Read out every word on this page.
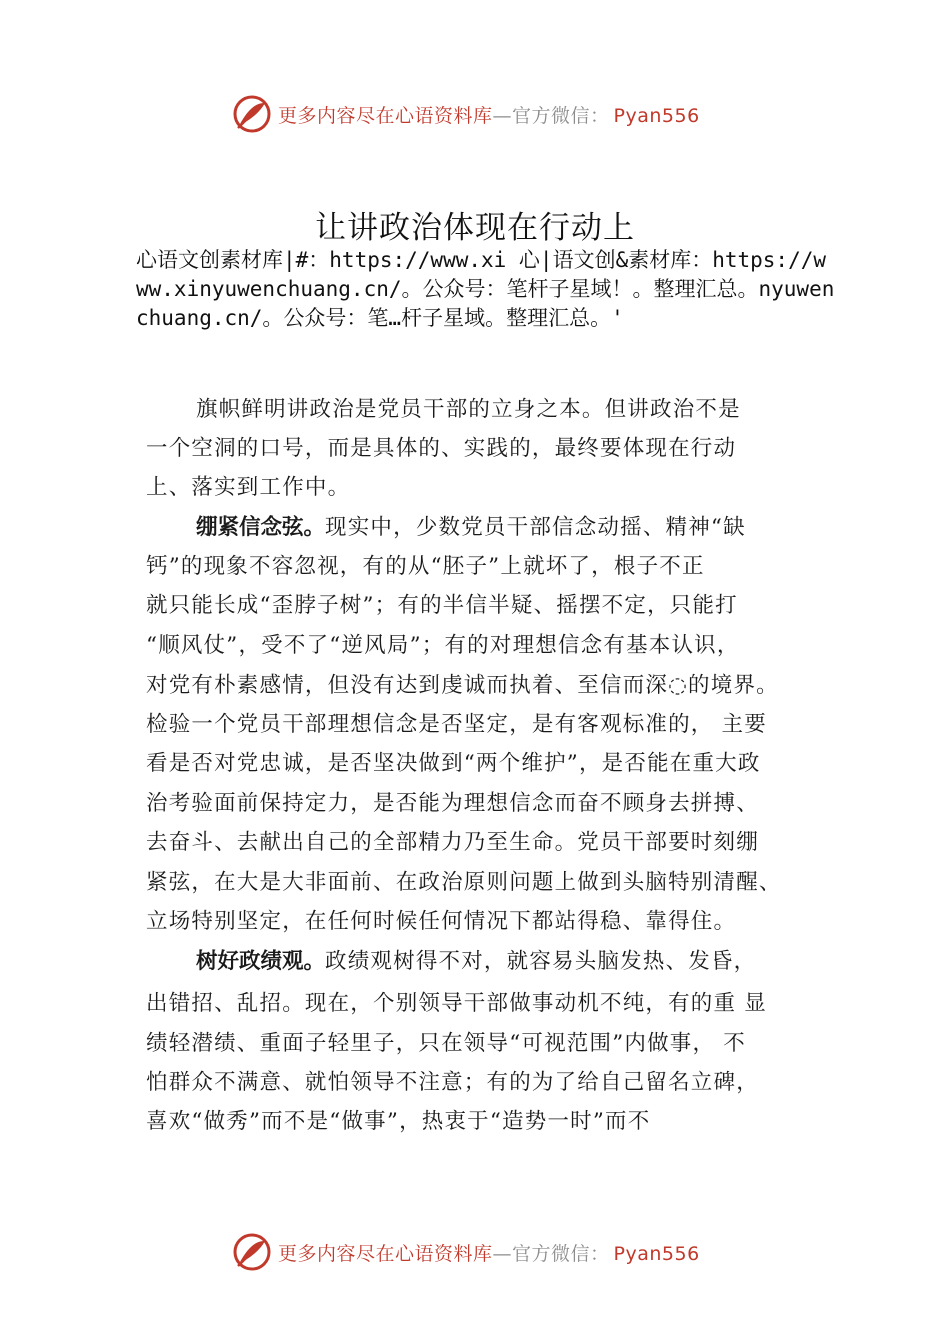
更多内容尽在心语资料库—官方微信： Pyan556
让讲政治体现在行动上
心语文创素材库|#：https://www.xi 心|语文创&素材库：https://www.xinyuwenchuang.cn/。公众号：笔杆子星域！。整理汇总。nyuwenchuang.cn/。公众号：笔…杆子星域。整理汇总。'
旗帜鲜明讲政治是党员干部的立身之本。但讲政治不是
一个空洞的口号，而是具体的、实践的，最终要体现在行动
上、落实到工作中。
绷紧信念弦。现实中，少数党员干部信念动摇、精神“缺
钙”的现象不容忽视，有的从“胚子”上就坏了，根子不正
就只能长成“歪脖子树”；有的半信半疑、摇摆不定，只能打
“顺风仗”，受不了“逆风局”；有的对理想信念有基本认识，
对党有朴素感情，但没有达到虔诚而执着、至信而深◌的境界。
检验一个党员干部理想信念是否坚定，是有客观标准的， 主要
看是否对党忠诚，是否坚决做到“两个维护”，是否能在重大政
治考验面前保持定力，是否能为理想信念而奋不顾身去拼搏、
去奋斗、去献出自己的全部精力乃至生命。党员干部要时刻绷
紧弦，在大是大非面前、在政治原则问题上做到头脑特别清醒、
立场特别坚定，在任何时候任何情况下都站得稳、靠得住。
树好政绩观。政绩观树得不对，就容易头脑发热、发昏，
出错招、乱招。现在，个别领导干部做事动机不纯，有的重 显
绩轻潜绩、重面子轻里子，只在领导“可视范围”内做事， 不
怕群众不满意、就怕领导不注意；有的为了给自己留名立碑，
喜欢“做秀”而不是“做事”，热衷于“造势一时”而不
更多内容尽在心语资料库—官方微信： Pyan556
